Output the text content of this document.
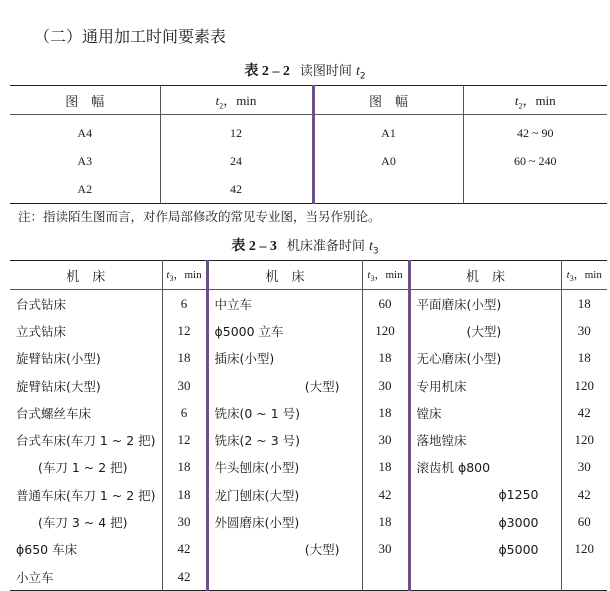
（二）通用加工时间要素表
表 2 – 2 读图时间 $t_2$
图　幅	$t_2$，min	图　幅	$t_2$，min
A4	12	A1	42 ~ 90
A3	24	A0	60 ~ 240
A2	42		
注：指读陌生图而言，对作局部修改的常见专业图，当另作别论。
表 2 – 3 机床准备时间 $t_3$
机　床	$t_3$，min	机　床	$t_3$，min	机　床	$t_3$，min
台式钻床	6	中立车	60	平面磨床(小型)	18
立式钻床	12	ϕ5000 立车	120	(大型)	30
旋臂钻床(小型)	18	插床(小型)	18	无心磨床(小型)	18
旋臂钻床(大型)	30	(大型)	30	专用机床	120
台式螺丝车床	6	铣床(0 ~ 1 号)	18	镗床	42
台式车床(车刀 1 ~ 2 把)	12	铣床(2 ~ 3 号)	30	落地镗床	120
(车刀 1 ~ 2 把)	18	牛头刨床(小型)	18	滚齿机 ϕ800	30
普通车床(车刀 1 ~ 2 把)	18	龙门刨床(大型)	42	ϕ1250	42
(车刀 3 ~ 4 把)	30	外圆磨床(小型)	18	ϕ3000	60
ϕ650 车床	42	(大型)	30	ϕ5000	120
小立车	42				
